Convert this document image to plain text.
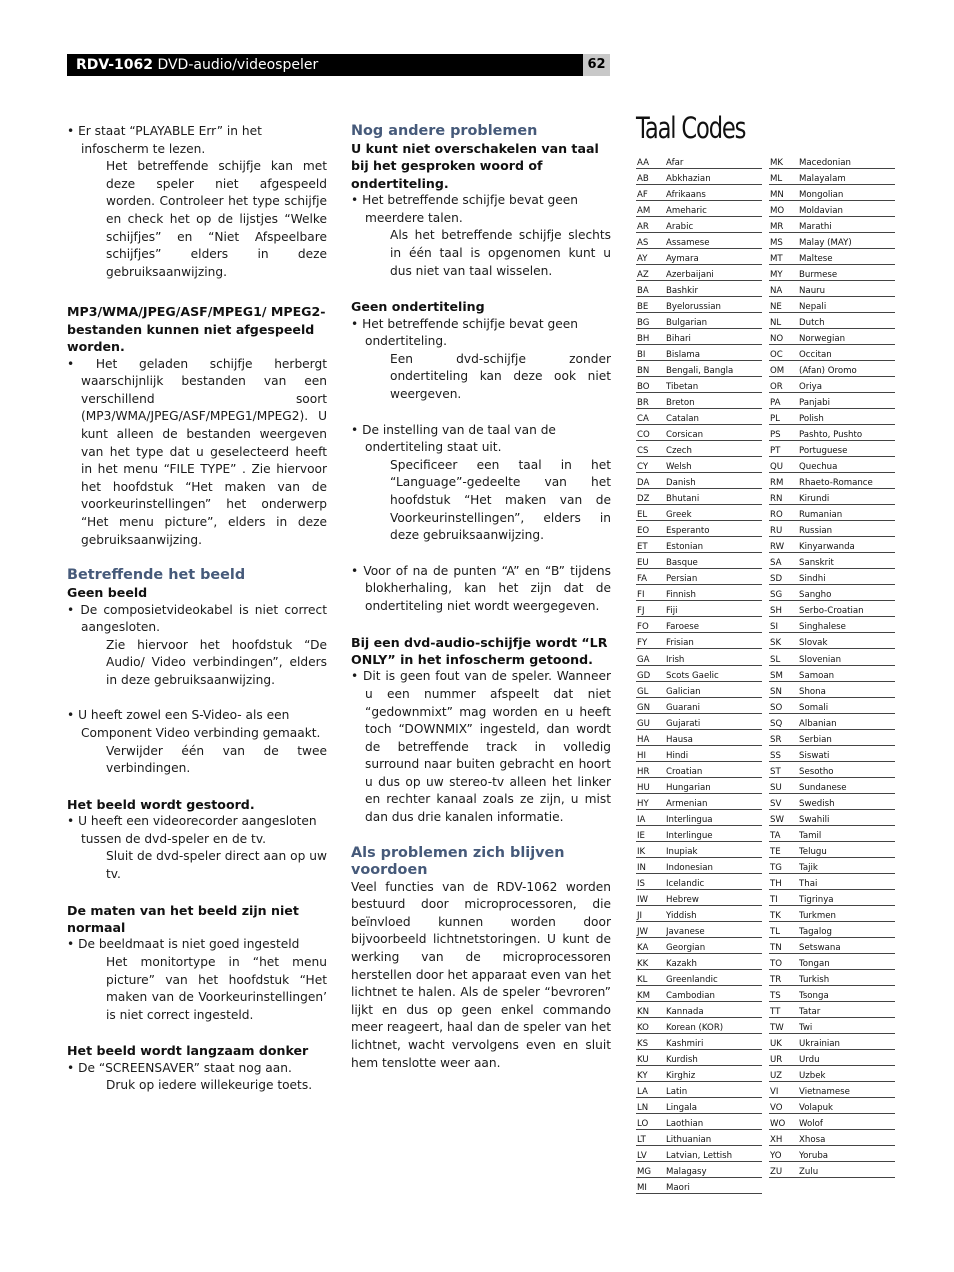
RDV-1062 DVD-audio/videospeler	62

• Er staat “PLAYABLE Err” in het infoscherm te lezen.

Het betreffende schijfje kan met deze speler niet afgespeeld worden. Controleer het type schijfje en check het op de lijstjes “Welke schijfjes” en “Niet Afspeelbare schijfjes” elders in deze gebruiksaanwijzing.

MP3/WMA/JPEG/ASF/MPEG1/ MPEG2-bestanden kunnen niet afgespeeld worden.

• Het geladen schijfje herbergt waarschijnlijk bestanden van een verschillend soort (MP3/WMA/JPEG/ASF/MPEG1/MPEG2). U kunt alleen de bestanden weergeven van het type dat u geselecteerd heeft in het menu “FILE TYPE” . Zie hiervoor het hoofdstuk “Het maken van de voorkeurinstellingen” het onderwerp “Het menu picture”, elders in deze gebruiksaanwijzing.

Betreffende het beeld

Geen beeld

• De composietvideokabel is niet correct aangesloten.

Zie hiervoor het hoofdstuk “De Audio/ Video verbindingen”, elders in deze gebruiksaanwijzing.

• U heeft zowel een S-Video- als een Component Video verbinding gemaakt.

Verwijder één van de twee verbindingen.

Het beeld wordt gestoord.

• U heeft een videorecorder aangesloten tussen de dvd-speler en de tv.

Sluit de dvd-speler direct aan op uw tv.

De maten van het beeld zijn niet normaal

• De beeldmaat is niet goed ingesteld

Het monitortype in “het menu picture” van het hoofdstuk “Het maken van de Voorkeurinstellingen’ is niet correct ingesteld.

Het beeld wordt langzaam donker

• De “SCREENSAVER” staat nog aan.

Druk op iedere willekeurige toets.

Nog andere problemen

U kunt niet overschakelen van taal bij het gesproken woord of ondertiteling.

• Het betreffende schijfje bevat geen meerdere talen.

Als het betreffende schijfje slechts in één taal is opgenomen kunt u dus niet van taal wisselen.

Geen ondertiteling

• Het betreffende schijfje bevat geen ondertiteling.

Een dvd-schijfje zonder ondertiteling kan deze ook niet weergeven.

• De instelling van de taal van de ondertiteling staat uit.

Specificeer een taal in het “Language”-gedeelte van het hoofdstuk “Het maken van de Voorkeurinstellingen”, elders in deze gebruiksaanwijzing.

• Voor of na de punten “A” en “B” tijdens blokherhaling, kan het zijn dat de ondertiteling niet wordt weergegeven.

Bij een dvd-audio-schijfje wordt “LR ONLY” in het infoscherm getoond.

• Dit is geen fout van de speler. Wanneer u een nummer afspeelt dat niet “gedownmixt” mag worden en u heeft toch “DOWNMIX” ingesteld, dan wordt de betreffende track in volledig surround naar buiten gebracht en hoort u dus op uw stereo-tv alleen het linker en rechter kanaal zoals ze zijn, u mist dan dus drie kanalen informatie.

Als problemen zich blijven voordoen

Veel functies van de RDV-1062 worden bestuurd door microprocessoren, die beïnvloed kunnen worden door bijvoorbeeld lichtnetstoringen. U kunt de werking van de microprocessoren herstellen door het apparaat even van het lichtnet te halen. Als de speler “bevroren” lijkt en dus op geen enkel commando meer reageert, haal dan de speler van het lichtnet, wacht vervolgens even en sluit hem tenslotte weer aan.

Taal Codes
AA	Afar
AB	Abkhazian
AF	Afrikaans
AM	Ameharic
AR	Arabic
AS	Assamese
AY	Aymara
AZ	Azerbaijani
BA	Bashkir
BE	Byelorussian
BG	Bulgarian
BH	Bihari
BI	Bislama
BN	Bengali, Bangla
BO	Tibetan
BR	Breton
CA	Catalan
CO	Corsican
CS	Czech
CY	Welsh
DA	Danish
DZ	Bhutani
EL	Greek
EO	Esperanto
ET	Estonian
EU	Basque
FA	Persian
FI	Finnish
FJ	Fiji
FO	Faroese
FY	Frisian
GA	Irish
GD	Scots Gaelic
GL	Galician
GN	Guarani
GU	Gujarati
HA	Hausa
HI	Hindi
HR	Croatian
HU	Hungarian
HY	Armenian
IA	Interlingua
IE	Interlingue
IK	Inupiak
IN	Indonesian
IS	Icelandic
IW	Hebrew
JI	Yiddish
JW	Javanese
KA	Georgian
KK	Kazakh
KL	Greenlandic
KM	Cambodian
KN	Kannada
KO	Korean (KOR)
KS	Kashmiri
KU	Kurdish
KY	Kirghiz
LA	Latin
LN	Lingala
LO	Laothian
LT	Lithuanian
LV	Latvian, Lettish
MG	Malagasy
MI	Maori
MK	Macedonian
ML	Malayalam
MN	Mongolian
MO	Moldavian
MR	Marathi
MS	Malay (MAY)
MT	Maltese
MY	Burmese
NA	Nauru
NE	Nepali
NL	Dutch
NO	Norwegian
OC	Occitan
OM	(Afan) Oromo
OR	Oriya
PA	Panjabi
PL	Polish
PS	Pashto, Pushto
PT	Portuguese
QU	Quechua
RM	Rhaeto-Romance
RN	Kirundi
RO	Rumanian
RU	Russian
RW	Kinyarwanda
SA	Sanskrit
SD	Sindhi
SG	Sangho
SH	Serbo-Croatian
SI	Singhalese
SK	Slovak
SL	Slovenian
SM	Samoan
SN	Shona
SO	Somali
SQ	Albanian
SR	Serbian
SS	Siswati
ST	Sesotho
SU	Sundanese
SV	Swedish
SW	Swahili
TA	Tamil
TE	Telugu
TG	Tajik
TH	Thai
TI	Tigrinya
TK	Turkmen
TL	Tagalog
TN	Setswana
TO	Tongan
TR	Turkish
TS	Tsonga
TT	Tatar
TW	Twi
UK	Ukrainian
UR	Urdu
UZ	Uzbek
VI	Vietnamese
VO	Volapuk
WO	Wolof
XH	Xhosa
YO	Yoruba
ZU	Zulu
